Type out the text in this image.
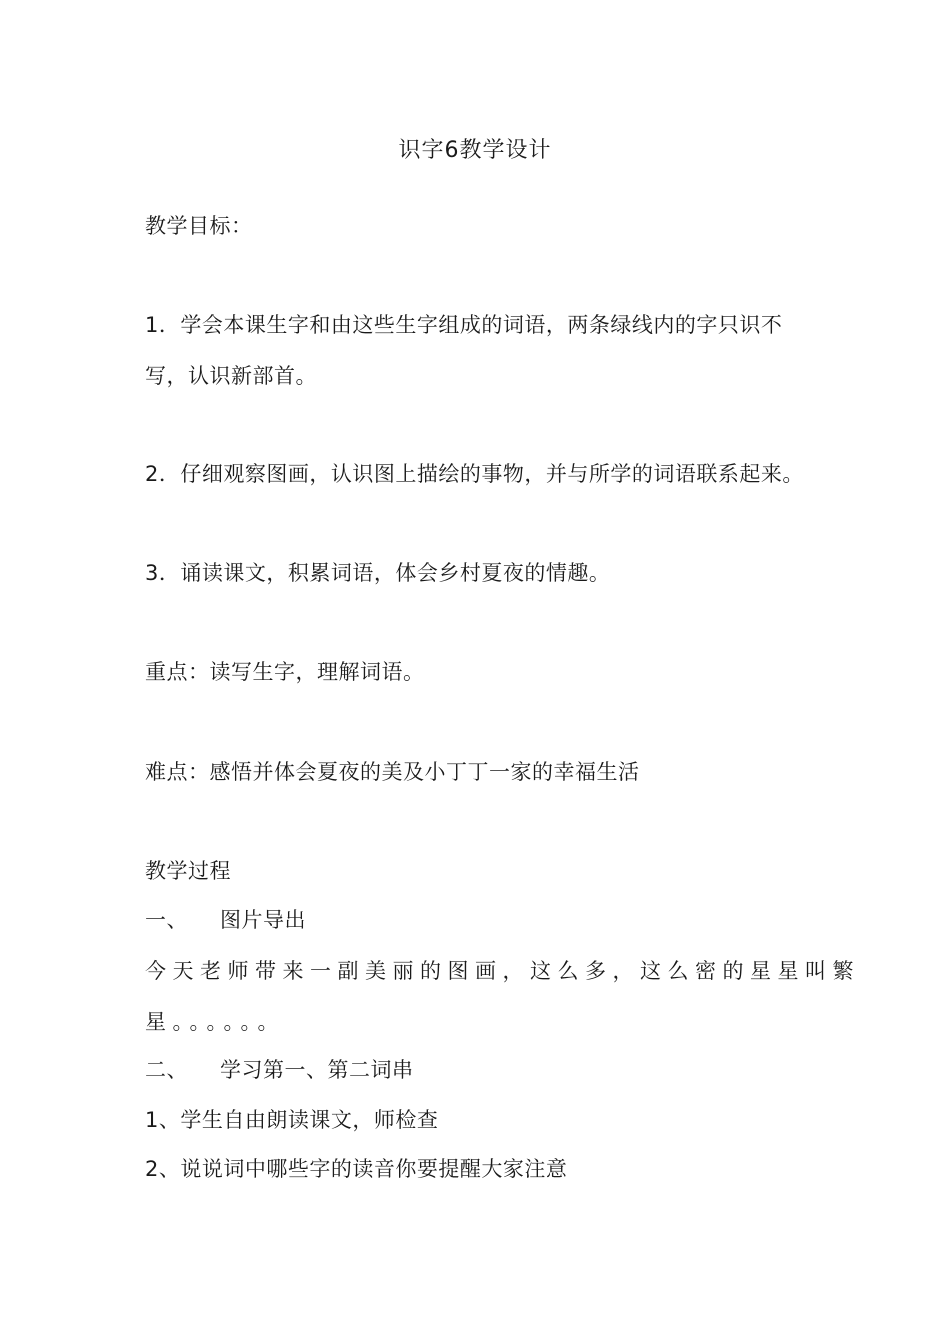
识字6教学设计
教学目标：
1．学会本课生字和由这些生字组成的词语，两条绿线内的字只识不
写，认识新部首。
2．仔细观察图画，认识图上描绘的事物，并与所学的词语联系起来。
3．诵读课文，积累词语，体会乡村夏夜的情趣。
重点：读写生字，理解词语。
难点：感悟并体会夏夜的美及小丁丁一家的幸福生活
教学过程
一、 图片导出
今天老师带来一副美丽的图画，这么多，这么密的星星叫繁
星。。。。。。
二、 学习第一、第二词串
1、学生自由朗读课文，师检查
2、说说词中哪些字的读音你要提醒大家注意
